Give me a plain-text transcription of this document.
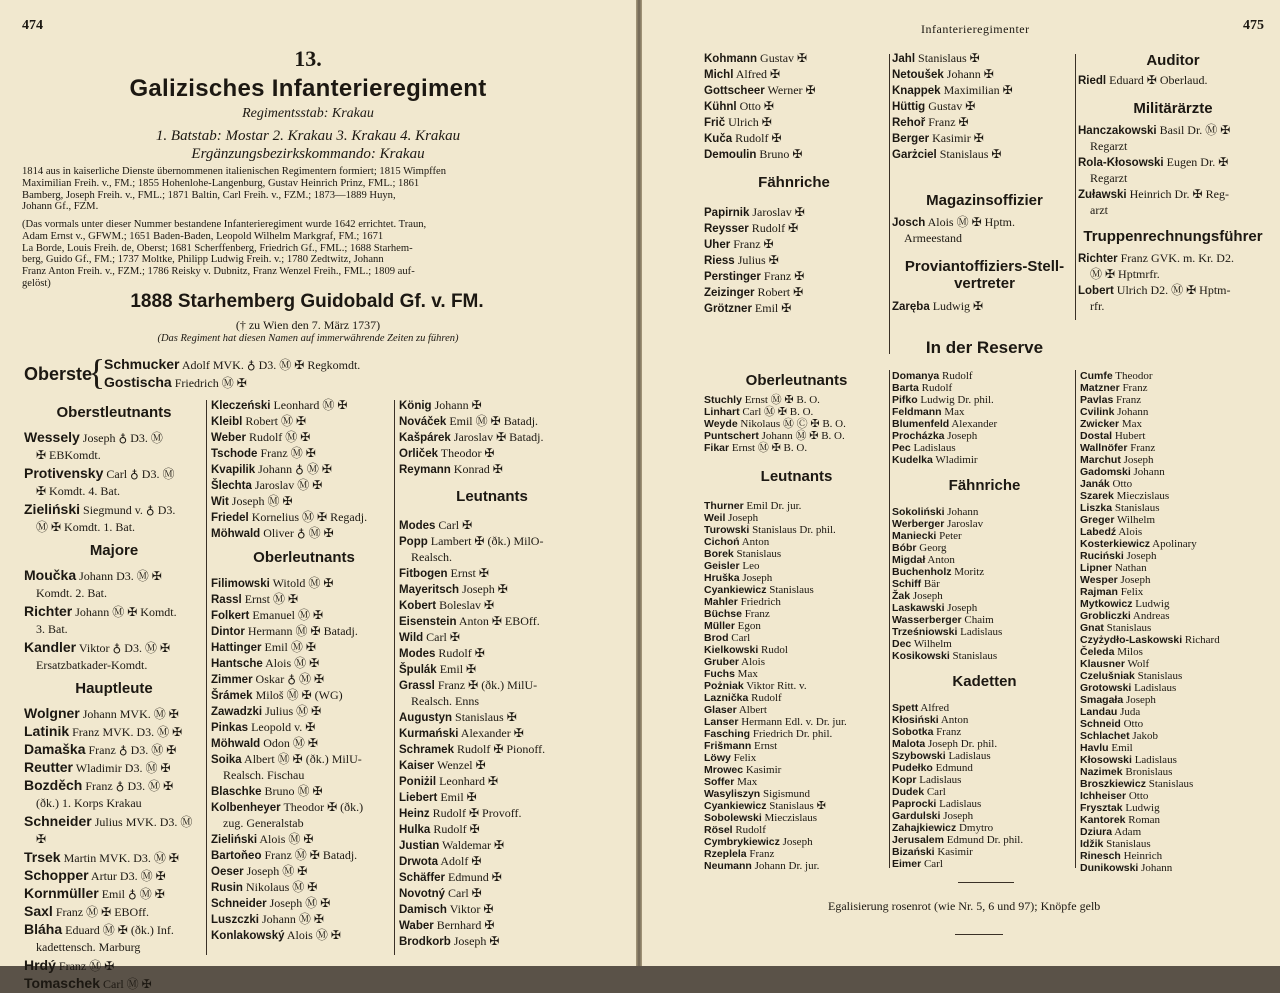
474
13.
Galizisches Infanterieregiment
Regimentsstab: Krakau
1. Batstab: Mostar 2. Krakau 3. Krakau 4. Krakau
Ergänzungsbezirkskommando: Krakau
1814 aus in kaiserliche Dienste übernommenen italienischen Regimentern formiert; 1815 Wimpffen
Maximilian Freih. v., FM.; 1855 Hohenlohe-Langenburg, Gustav Heinrich Prinz, FML.; 1861
Bamberg, Joseph Freih. v., FML.; 1871 Baltin, Carl Freih. v., FZM.; 1873—1889 Huyn,
Johann Gf., FZM.
(Das vormals unter dieser Nummer bestandene Infanterieregiment wurde 1642 errichtet. Traun,
Adam Ernst v., GFWM.; 1651 Baden-Baden, Leopold Wilhelm Markgraf, FM.; 1671
La Borde, Louis Freih. de, Oberst; 1681 Scherffenberg, Friedrich Gf., FML.; 1688 Starhem-
berg, Guido Gf., FM.; 1737 Moltke, Philipp Ludwig Freih. v.; 1780 Zedtwitz, Johann
Franz Anton Freih. v., FZM.; 1786 Reisky v. Dubnitz, Franz Wenzel Freih., FML.; 1809 auf-
gelöst)
1888 Starhemberg Guidobald Gf. v. FM.
(† zu Wien den 7. März 1737)
(Das Regiment hat diesen Namen auf immerwährende Zeiten zu führen)
Oberste
{
Schmucker Adolf MVK. ♁ D3. Ⓜ ✠ Regkomdt.
Gostischa Friedrich Ⓜ ✠
Oberstleutnants
Wessely Joseph ♁ D3. Ⓜ
✠ EBKomdt.
Protivensky Carl ♁ D3. Ⓜ
✠ Komdt. 4. Bat.
Zieliński Siegmund v. ♁ D3.
Ⓜ ✠ Komdt. 1. Bat.
Majore
Moučka Johann D3. Ⓜ ✠
Komdt. 2. Bat.
Richter Johann Ⓜ ✠ Komdt.
3. Bat.
Kandler Viktor ♁ D3. Ⓜ ✠
Ersatzbatkader-Komdt.
Hauptleute
Wolgner Johann MVK. Ⓜ ✠
Latinik Franz MVK. D3. Ⓜ ✠
Damaška Franz ♁ D3. Ⓜ ✠
Reutter Wladimir D3. Ⓜ ✠
Bozděch Franz ♁ D3. Ⓜ ✠
(ðk.) 1. Korps Krakau
Schneider Julius MVK. D3. Ⓜ
✠
Trsek Martin MVK. D3. Ⓜ ✠
Schopper Artur D3. Ⓜ ✠
Kornmüller Emil ♁ Ⓜ ✠
Saxl Franz Ⓜ ✠ EBOff.
Bláha Eduard Ⓜ ✠ (ðk.) Inf.
kadettensch. Marburg
Hrdý Franz Ⓜ ✠
Tomaschek Carl Ⓜ ✠
Kleczeński Leonhard Ⓜ ✠
Kleibl Robert Ⓜ ✠
Weber Rudolf Ⓜ ✠
Tschode Franz Ⓜ ✠
Kvapilik Johann ♁ Ⓜ ✠
Šlechta Jaroslav Ⓜ ✠
Wit Joseph Ⓜ ✠
Friedel Kornelius Ⓜ ✠ Regadj.
Möhwald Oliver ♁ Ⓜ ✠
Oberleutnants
Filimowski Witold Ⓜ ✠
Rassl Ernst Ⓜ ✠
Folkert Emanuel Ⓜ ✠
Dintor Hermann Ⓜ ✠ Batadj.
Hattinger Emil Ⓜ ✠
Hantsche Alois Ⓜ ✠
Zimmer Oskar ♁ Ⓜ ✠
Šrámek Miloš Ⓜ ✠ (WG)
Zawadzki Julius Ⓜ ✠
Pinkas Leopold v. ✠
Möhwald Odon Ⓜ ✠
Soika Albert Ⓜ ✠ (ðk.) MilU-
Realsch. Fischau
Blaschke Bruno Ⓜ ✠
Kolbenheyer Theodor ✠ (ðk.)
zug. Generalstab
Zieliński Alois Ⓜ ✠
Bartoňeo Franz Ⓜ ✠ Batadj.
Oeser Joseph Ⓜ ✠
Rusin Nikolaus Ⓜ ✠
Schneider Joseph Ⓜ ✠
Luszczki Johann Ⓜ ✠
Konlakowský Alois Ⓜ ✠
König Johann ✠
Nováček Emil Ⓜ ✠ Batadj.
Kašpárek Jaroslav ✠ Batadj.
Orliček Theodor ✠
Reymann Konrad ✠
Leutnants
Modes Carl ✠
Popp Lambert ✠ (ðk.) MilO-
Realsch.
Fitbogen Ernst ✠
Mayeritsch Joseph ✠
Kobert Boleslav ✠
Eisenstein Anton ✠ EBOff.
Wild Carl ✠
Modes Rudolf ✠
Špulák Emil ✠
Grassl Franz ✠ (ðk.) MilU-
Realsch. Enns
Augustyn Stanislaus ✠
Kurmański Alexander ✠
Schramek Rudolf ✠ Pionoff.
Kaiser Wenzel ✠
Poniżil Leonhard ✠
Liebert Emil ✠
Heinz Rudolf ✠ Provoff.
Hulka Rudolf ✠
Justian Waldemar ✠
Drwota Adolf ✠
Schäffer Edmund ✠
Novotný Carl ✠
Damisch Viktor ✠
Waber Bernhard ✠
Brodkorb Joseph ✠
Infanterieregimenter	475
Kohmann Gustav ✠
Michl Alfred ✠
Gottscheer Werner ✠
Kühnl Otto ✠
Frič Ulrich ✠
Kuča Rudolf ✠
Demoulin Bruno ✠
Fähnriche
Papirnik Jaroslav ✠
Reysser Rudolf ✠
Uher Franz ✠
Riess Julius ✠
Perstinger Franz ✠
Zeizinger Robert ✠
Grötzner Emil ✠
Jahl Stanislaus ✠
Netoušek Johann ✠
Knappek Maximilian ✠
Hüttig Gustav ✠
Rehoř Franz ✠
Berger Kasimir ✠
Garżciel Stanislaus ✠
Magazinsoffizier
Josch Alois Ⓜ ✠ Hptm.
Armeestand
Proviantoffiziers-Stell-
vertreter
Zaręba Ludwig ✠
Auditor
Riedl Eduard ✠ Oberlaud.
Militärärzte
Hanczakowski Basil Dr. Ⓜ ✠
Regarzt
Rola-Kłosowski Eugen Dr. ✠
Regarzt
Zuławski Heinrich Dr. ✠ Reg-
arzt
Truppenrechnungsführer
Richter Franz GVK. m. Kr. D2.
Ⓜ ✠ Hptmrfr.
Lobert Ulrich D2. Ⓜ ✠ Hptm-
rfr.
In der Reserve
Oberleutnants
Stuchly Ernst Ⓜ ✠ B. O.
Linhart Carl Ⓜ ✠ B. O.
Weyde Nikolaus Ⓜ Ⓒ ✠ B. O.
Puntschert Johann Ⓜ ✠ B. O.
Fikar Ernst Ⓜ ✠ B. O.
Leutnants
Thurner Emil Dr. jur.
Weil Joseph
Turowski Stanislaus Dr. phil.
Cichoń Anton
Borek Stanislaus
Geisler Leo
Hruška Joseph
Cyankiewicz Stanislaus
Mahler Friedrich
Büchse Franz
Müller Egon
Brod Carl
Kielkowski Rudol
Gruber Alois
Fuchs Max
Pożniak Viktor Ritt. v.
Laznička Rudolf
Glaser Albert
Lanser Hermann Edl. v. Dr. jur.
Fasching Friedrich Dr. phil.
Frišmann Ernst
Löwy Felix
Mrowec Kasimir
Soffer Max
Wasyliszyn Sigismund
Cyankiewicz Stanislaus ✠
Sobolewski Mieczislaus
Rösel Rudolf
Cymbrykiewicz Joseph
Rzeplela Franz
Neumann Johann Dr. jur.
Domanya Rudolf
Barta Rudolf
Pifko Ludwig Dr. phil.
Feldmann Max
Blumenfeld Alexander
Procházka Joseph
Pec Ladislaus
Kudelka Wladimir
Fähnriche
Sokoliński Johann
Werberger Jaroslav
Maniecki Peter
Bóbr Georg
Migdał Anton
Buchenholz Moritz
Schiff Bär
Žak Joseph
Laskawski Joseph
Wasserberger Chaim
Trześniowski Ladislaus
Dec Wilhelm
Kosikowski Stanislaus
Kadetten
Spett Alfred
Kłosiński Anton
Sobotka Franz
Malota Joseph Dr. phil.
Szybowski Ladislaus
Pudełko Edmund
Kopr Ladislaus
Dudek Carl
Paprocki Ladislaus
Gardulski Joseph
Zahajkiewicz Dmytro
Jerusalem Edmund Dr. phil.
Bizański Kasimir
Eimer Carl
Cumfe Theodor
Matzner Franz
Pavlas Franz
Cvilink Johann
Zwicker Max
Dostal Hubert
Wallnöfer Franz
Marchut Joseph
Gadomski Johann
Janák Otto
Szarek Mieczislaus
Liszka Stanislaus
Greger Wilhelm
Labedź Alois
Kosterkiewicz Apolinary
Ruciński Joseph
Lipner Nathan
Wesper Joseph
Rajman Felix
Mytkowicz Ludwig
Grobliczki Andreas
Gnat Stanislaus
Czyżydło-Laskowski Richard
Čeleda Milos
Klausner Wolf
Czelušniak Stanislaus
Grotowski Ladislaus
Smagała Joseph
Landau Juda
Schneid Otto
Schlachet Jakob
Havlu Emil
Kłosowski Ladislaus
Nazimek Bronislaus
Broszkiewicz Stanislaus
Ichheiser Otto
Frysztak Ludwig
Kantorek Roman
Dziura Adam
Idžik Stanislaus
Rinesch Heinrich
Dunikowski Johann
Egalisierung rosenrot (wie Nr. 5, 6 und 97); Knöpfe gelb
